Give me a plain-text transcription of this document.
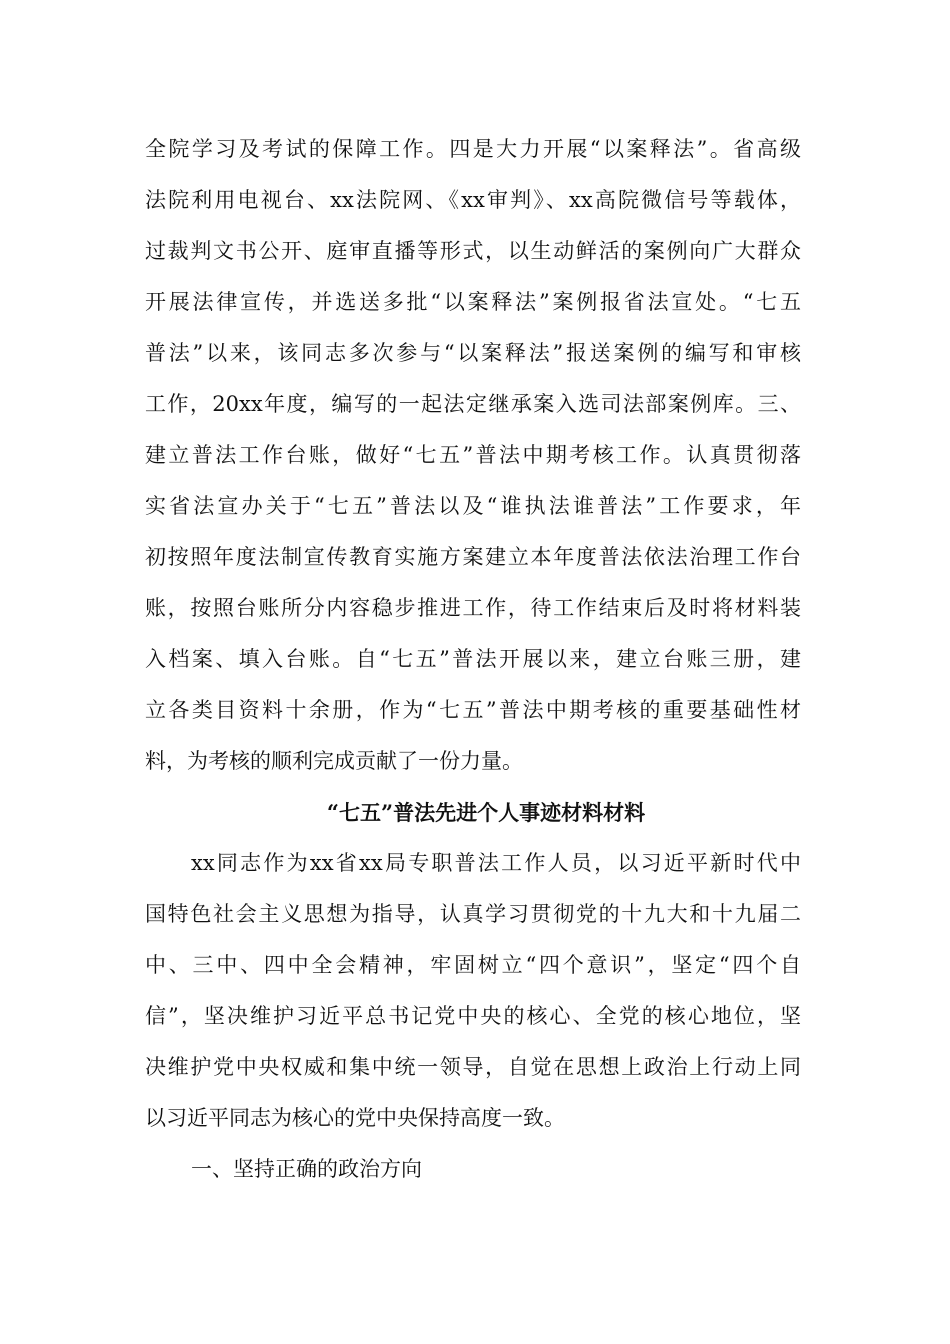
全院学习及考试的保障工作。四是大力开展“以案释法”。省高级
法院利用电视台、xx法院网、《xx审判》、xx高院微信号等载体，
过裁判文书公开、庭审直播等形式，以生动鲜活的案例向广大群众
开展法律宣传，并选送多批“以案释法”案例报省法宣处。“七五
普法”以来，该同志多次参与“以案释法”报送案例的编写和审核
工作，20xx年度，编写的一起法定继承案入选司法部案例库。三、
建立普法工作台账，做好“七五”普法中期考核工作。认真贯彻落
实省法宣办关于“七五”普法以及“谁执法谁普法”工作要求，年
初按照年度法制宣传教育实施方案建立本年度普法依法治理工作台
账，按照台账所分内容稳步推进工作，待工作结束后及时将材料装
入档案、填入台账。自“七五”普法开展以来，建立台账三册，建
立各类目资料十余册，作为“七五”普法中期考核的重要基础性材
料，为考核的顺利完成贡献了一份力量。
“七五”普法先进个人事迹材料材料
xx同志作为xx省xx局专职普法工作人员，以习近平新时代中
国特色社会主义思想为指导，认真学习贯彻党的十九大和十九届二
中、三中、四中全会精神，牢固树立“四个意识”，坚定“四个自
信”，坚决维护习近平总书记党中央的核心、全党的核心地位，坚
决维护党中央权威和集中统一领导，自觉在思想上政治上行动上同
以习近平同志为核心的党中央保持高度一致。
一、坚持正确的政治方向
